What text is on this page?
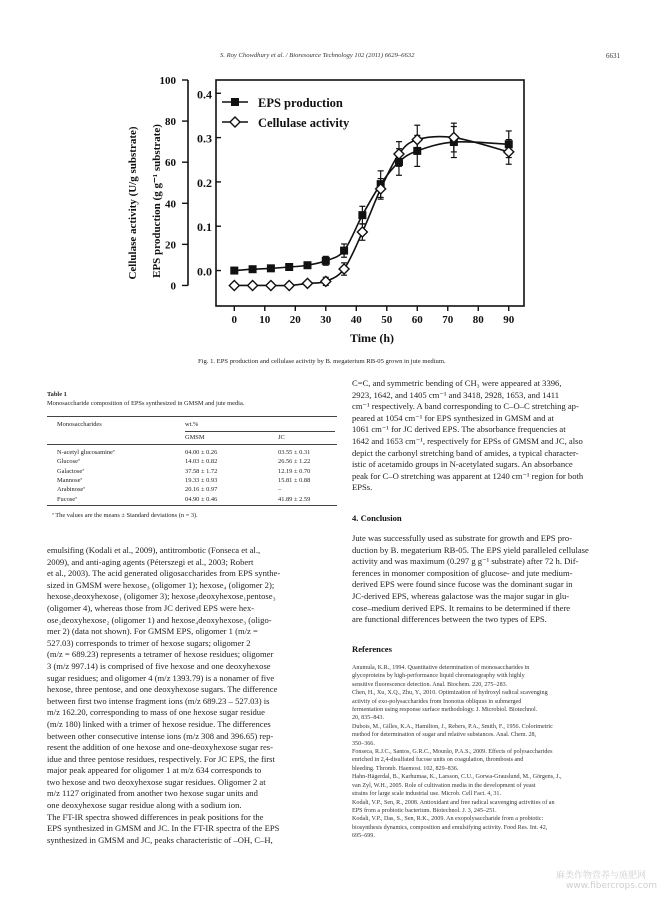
S. Roy Chowdhury et al. / Bioresource Technology 102 (2011) 6629–6632	6631
0 10 20 30 40 50 60 70 80 90
Time (h)
100
80
60
40
20
0
0.4
0.3
0.2
0.1
0.0
Cellulase activity (U/g substrate) EPS production (g g⁻¹ substrate)
EPS production
Cellulase activity
Fig. 1. EPS production and cellulase activity by B. megaterium RB-05 grown in jute medium.
Table 1
Monosaccharide composition of EPSs synthesized in GMSM and jute media.
Monosaccharides	wt.%
GMSM	JC
N-acetyl glucosamineª	04.00 ± 0.26	03.55 ± 0.31
Glucoseª	14.03 ± 0.82	26.56 ± 1.22
Galactoseª	37.58 ± 1.72	12.19 ± 0.70
Mannoseª	19.33 ± 0.93	15.81 ± 0.88
Arabinoseª	20.16 ± 0.97	–
Fucoseª	04.90 ± 0.46	41.89 ± 2.59
ª The values are the means ± Standard deviations (n = 3).
emulsifing (Kodali et al., 2009), antitrombotic (Fonseca et al.,
2009), and anti-aging agents (Péterszegi et al., 2003; Robert
et al., 2003). The acid generated oligosaccharides from EPS synthe-
sized in GMSM were hexose₃ (oligomer 1); hexose₄ (oligomer 2);
hexose₃deoxyhexose₁ (oligomer 3); hexose₃deoxyhexose₁pentose₃
(oligomer 4), whereas those from JC derived EPS were hex-
ose₂deoxyhexose₂ (oligomer 1) and hexose₄deoxyhexose₃ (oligo-
mer 2) (data not shown). For GMSM EPS, oligomer 1 (m/z =
527.03) corresponds to trimer of hexose sugars; oligomer 2
(m/z = 689.23) represents a tetramer of hexose residues; oligomer
3 (m/z 997.14) is comprised of five hexose and one deoxyhexose
sugar residues; and oligomer 4 (m/z 1393.79) is a nonamer of five
hexose, three pentose, and one deoxyhexose sugars. The difference
between first two intense fragment ions (m/z 689.23 – 527.03) is
m/z 162.20, corresponding to mass of one hexose sugar residue
(m/z 180) linked with a trimer of hexose residue. The differences
between other consecutive intense ions (m/z 308 and 396.65) rep-
resent the addition of one hexose and one-deoxyhexose sugar res-
idue and three pentose residues, respectively. For JC EPS, the first
major peak appeared for oligomer 1 at m/z 634 corresponds to
two hexose and two deoxyhexose sugar residues. Oligomer 2 at
m/z 1127 originated from another two hexose sugar units and
one deoxyhexose sugar residue along with a sodium ion.
The FT-IR spectra showed differences in peak positions for the
EPS synthesized in GMSM and JC. In the FT-IR spectra of the EPS
synthesized in GMSM and JC, peaks characteristic of –OH, C–H,
C=C, and symmetric bending of CH₃ were appeared at 3396,
2923, 1642, and 1405 cm⁻¹ and 3418, 2928, 1653, and 1411
cm⁻¹ respectively. A band corresponding to C–O–C stretching ap-
peared at 1054 cm⁻¹ for EPS synthesized in GMSM and at
1061 cm⁻¹ for JC derived EPS. The absorbance frequencies at
1642 and 1653 cm⁻¹, respectively for EPSs of GMSM and JC, also
depict the carbonyl stretching band of amides, a typical character-
istic of acetamido groups in N-acetylated sugars. An absorbance
peak for C–O stretching was apparent at 1240 cm⁻¹ region for both
EPSs.
4. Conclusion
Jute was successfully used as substrate for growth and EPS pro-
duction by B. megaterium RB-05. The EPS yield paralleled cellulase
activity and was maximum (0.297 g g⁻¹ substrate) after 72 h. Dif-
ferences in monomer composition of glucose- and jute medium-
derived EPS were found since fucose was the dominant sugar in
JC-derived EPS, whereas galactose was the major sugar in glu-
cose–medium derived EPS. It remains to be determined if there
are functional differences between the two types of EPS.
References
Anumula, K.R., 1994. Quantitative determination of monosaccharides in
glycoproteins by high-performance liquid chromatography with highly
sensitive fluorescence detection. Anal. Biochem. 220, 275–283.
Chen, H., Xu, X.Q., Zhu, Y., 2010. Optimization of hydroxyl radical scavenging
activity of exo-polysaccharides from Inonotus obliquus in submerged
fermentation using response surface methodology. J. Microbiol. Biotechnol.
20, 835–843.
Dubois, M., Gilles, K.A., Hamilton, J., Rebers, P.A., Smith, F., 1956. Colorimetric
method for determination of sugar and relative substances. Anal. Chem. 28,
350–366.
Fonseca, R.J.C., Santos, G.R.C., Mourão, P.A.S., 2009. Effects of polysaccharides
enriched in 2,4-disulfated fucose units on coagulation, thrombosis and
bleeding. Thromb. Haemost. 102, 829–836.
Hahn-Hägerdal, B., Karhumaa, K., Larsson, C.U., Gorwa-Grauslund, M., Görgens, J.,
van Zyl, W.H., 2005. Role of cultivation media in the development of yeast
strains for large scale industrial use. Microb. Cell Fact. 4, 31.
Kodali, V.P., Sen, R., 2008. Antioxidant and free radical scavenging activities of an
EPS from a probiotic bacterium. Biotechnol. J. 3, 245–251.
Kodali, V.P., Das, S., Sen, R.K., 2009. An exopolysaccharide from a probiotic:
biosynthesis dynamics, composition and emulsifying activity. Food Res. Int. 42,
695–699.
麻类作物营养与施肥网
www.fibercrops.com
